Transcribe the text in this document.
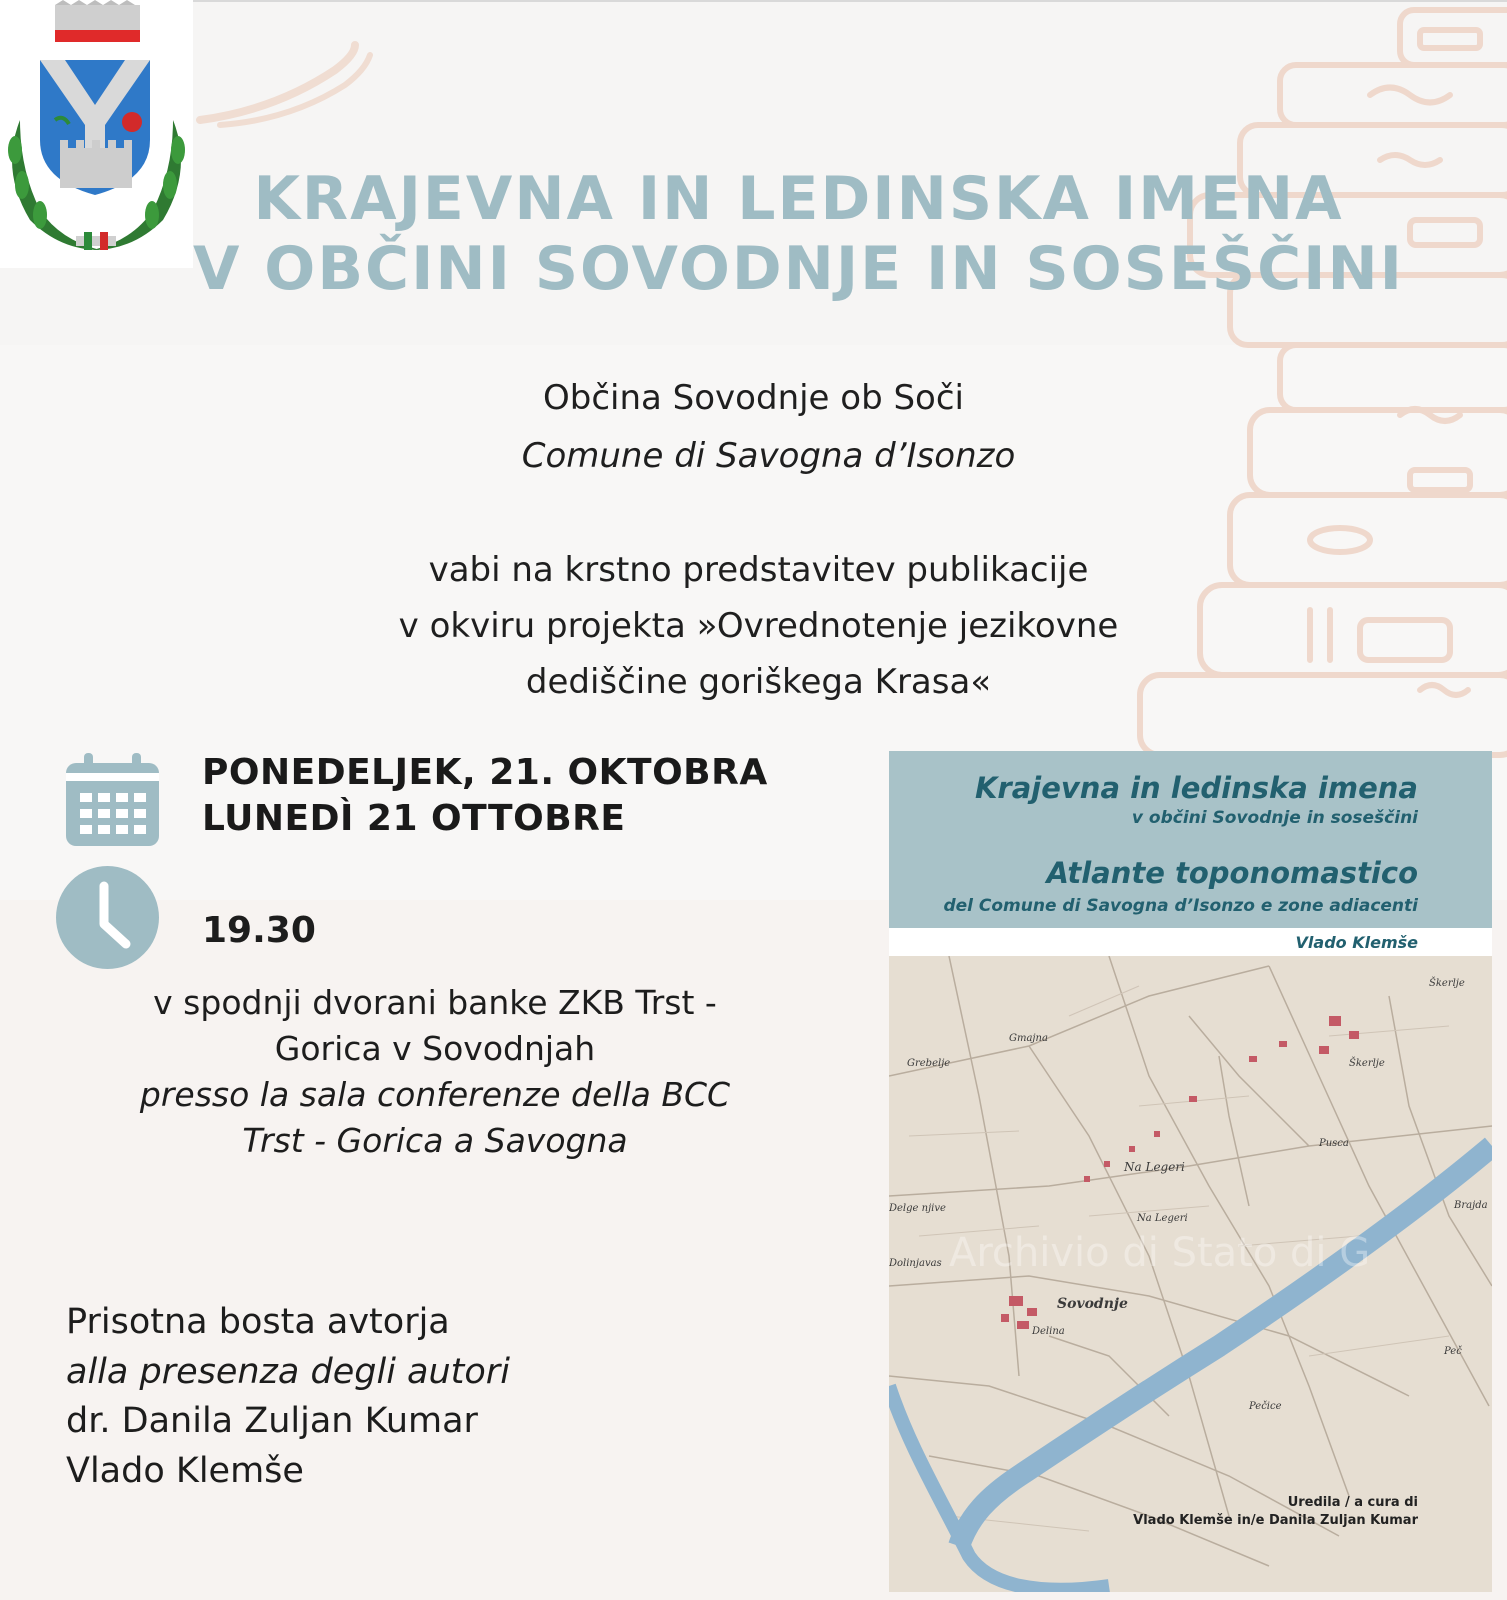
KRAJEVNA IN LEDINSKA IMENA
V OBČINI SOVODNJE IN SOSEŠČINI
Občina Sovodnje ob Soči
Comune di Savogna d’Isonzo
vabi na krstno predstavitev publikacije
v okviru projekta »Ovrednotenje jezikovne
dediščine goriškega Krasa«
PONEDELJEK, 21. OKTOBRA
LUNEDÌ 21 OTTOBRE
19.30
v spodnji dvorani banke ZKB Trst -
Gorica v Sovodnjah
presso la sala conferenze della BCC
Trst - Gorica a Savogna
Prisotna bosta avtorja
alla presenza degli autori
dr. Danila Zuljan Kumar
Vlado Klemše
Krajevna in ledinska imena
v občini Sovodnje in soseščini
Atlante toponomastico
del Comune di Savogna d’Isonzo e zone adiacenti
Vlado Klemše
Gmajna
Grebelje
Škerlje
Škerlje
Na Legeri
Pusca
Delge njive
Na Legeri
Brajda
Dolinjavas
Sovodnje
Delina
Pečice
Peč
Archivio di Stato di G
Uredila / a cura di
Vlado Klemše in/e Danila Zuljan Kumar
